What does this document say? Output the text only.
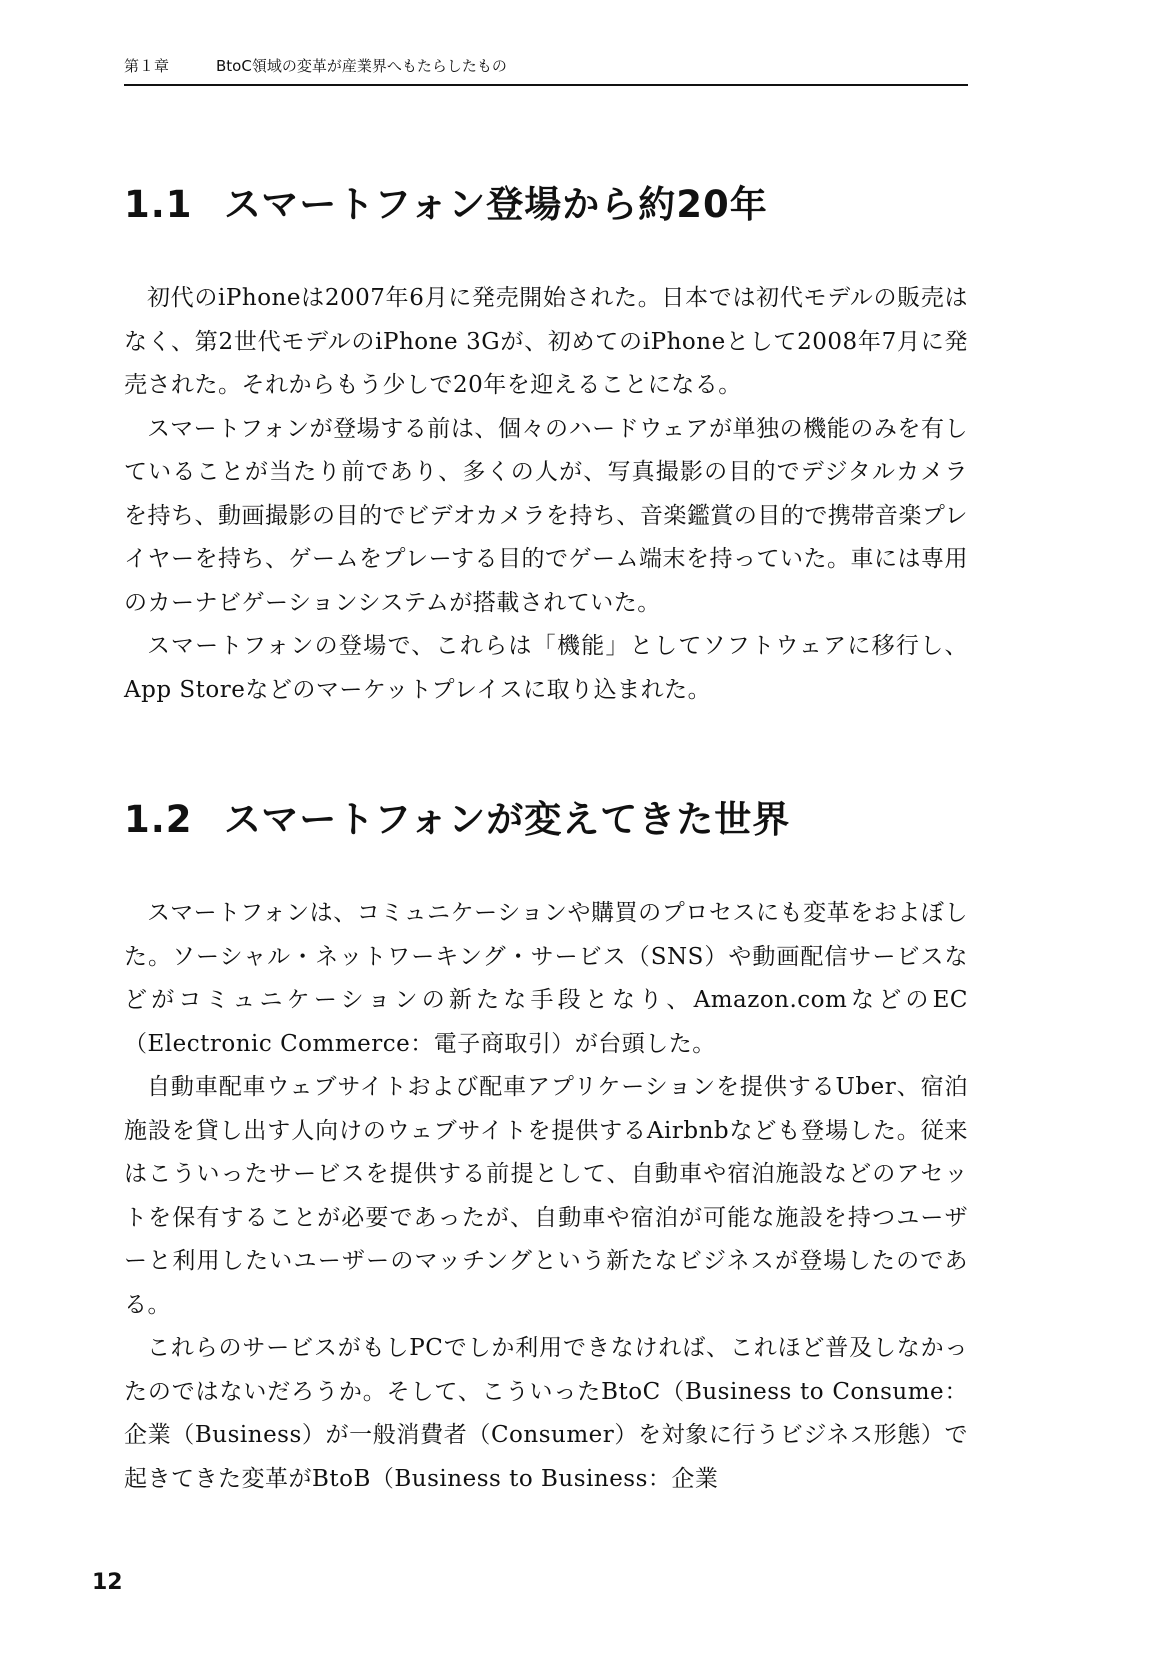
第１章	BtoC領域の変革が産業界へもたらしたもの
1.1 スマートフォン登場から約20年

初代のiPhoneは2007年6月に発売開始された。日本では初代モデルの販売はなく、第2世代モデルのiPhone 3Gが、初めてのiPhoneとして2008年7月に発売された。それからもう少しで20年を迎えることになる。

スマートフォンが登場する前は、個々のハードウェアが単独の機能のみを有していることが当たり前であり、多くの人が、写真撮影の目的でデジタルカメラを持ち、動画撮影の目的でビデオカメラを持ち、音楽鑑賞の目的で携帯音楽プレイヤーを持ち、ゲームをプレーする目的でゲーム端末を持っていた。車には専用のカーナビゲーションシステムが搭載されていた。

スマートフォンの登場で、これらは「機能」としてソフトウェアに移行し、App Storeなどのマーケットプレイスに取り込まれた。

1.2 スマートフォンが変えてきた世界

スマートフォンは、コミュニケーションや購買のプロセスにも変革をおよぼした。ソーシャル・ネットワーキング・サービス（SNS）や動画配信サービスなどがコミュニケーションの新たな手段となり、Amazon.comなどのEC（Electronic Commerce：電子商取引）が台頭した。

自動車配車ウェブサイトおよび配車アプリケーションを提供するUber、宿泊施設を貸し出す人向けのウェブサイトを提供するAirbnbなども登場した。従来はこういったサービスを提供する前提として、自動車や宿泊施設などのアセットを保有することが必要であったが、自動車や宿泊が可能な施設を持つユーザーと利用したいユーザーのマッチングという新たなビジネスが登場したのである。

これらのサービスがもしPCでしか利用できなければ、これほど普及しなかったのではないだろうか。そして、こういったBtoC（Business to Consume：企業（Business）が一般消費者（Consumer）を対象に行うビジネス形態）で起きてきた変革がBtoB（Business to Business：企業

12
